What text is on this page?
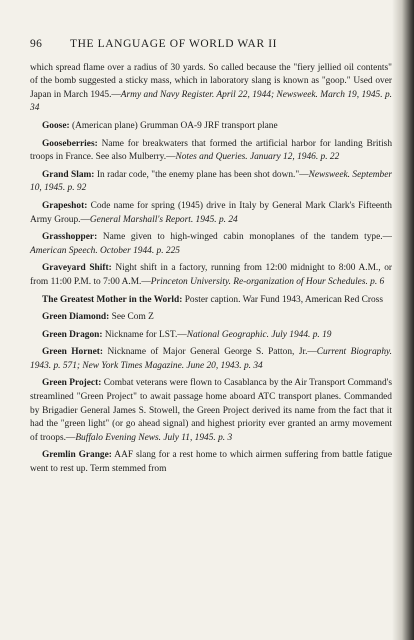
96	THE LANGUAGE OF WORLD WAR II

which spread flame over a radius of 30 yards. So called because the "fiery jellied oil contents" of the bomb suggested a sticky mass, which in laboratory slang is known as "goop." Used over Japan in March 1945.—Army and Navy Register. April 22, 1944; Newsweek. March 19, 1945. p. 34

Goose: (American plane) Grumman OA-9 JRF transport plane

Gooseberries: Name for breakwaters that formed the artificial harbor for landing British troops in France. See also Mulberry.—Notes and Queries. January 12, 1946. p. 22

Grand Slam: In radar code, "the enemy plane has been shot down."—Newsweek. September 10, 1945. p. 92

Grapeshot: Code name for spring (1945) drive in Italy by General Mark Clark's Fifteenth Army Group.—General Marshall's Report. 1945. p. 24

Grasshopper: Name given to high-winged cabin monoplanes of the tandem type.—American Speech. October 1944. p. 225

Graveyard Shift: Night shift in a factory, running from 12:00 midnight to 8:00 A.M., or from 11:00 P.M. to 7:00 A.M.—Princeton University. Re-organization of Hour Schedules. p. 6

The Greatest Mother in the World: Poster caption. War Fund 1943, American Red Cross

Green Diamond: See Com Z

Green Dragon: Nickname for LST.—National Geographic. July 1944. p. 19

Green Hornet: Nickname of Major General George S. Patton, Jr.—Current Biography. 1943. p. 571; New York Times Magazine. June 20, 1943. p. 34

Green Project: Combat veterans were flown to Casablanca by the Air Transport Command's streamlined "Green Project" to await passage home aboard ATC transport planes. Commanded by Brigadier General James S. Stowell, the Green Project derived its name from the fact that it had the "green light" (or go ahead signal) and highest priority ever granted an army movement of troops.—Buffalo Evening News. July 11, 1945. p. 3

Gremlin Grange: AAF slang for a rest home to which airmen suffering from battle fatigue went to rest up. Term stemmed from
